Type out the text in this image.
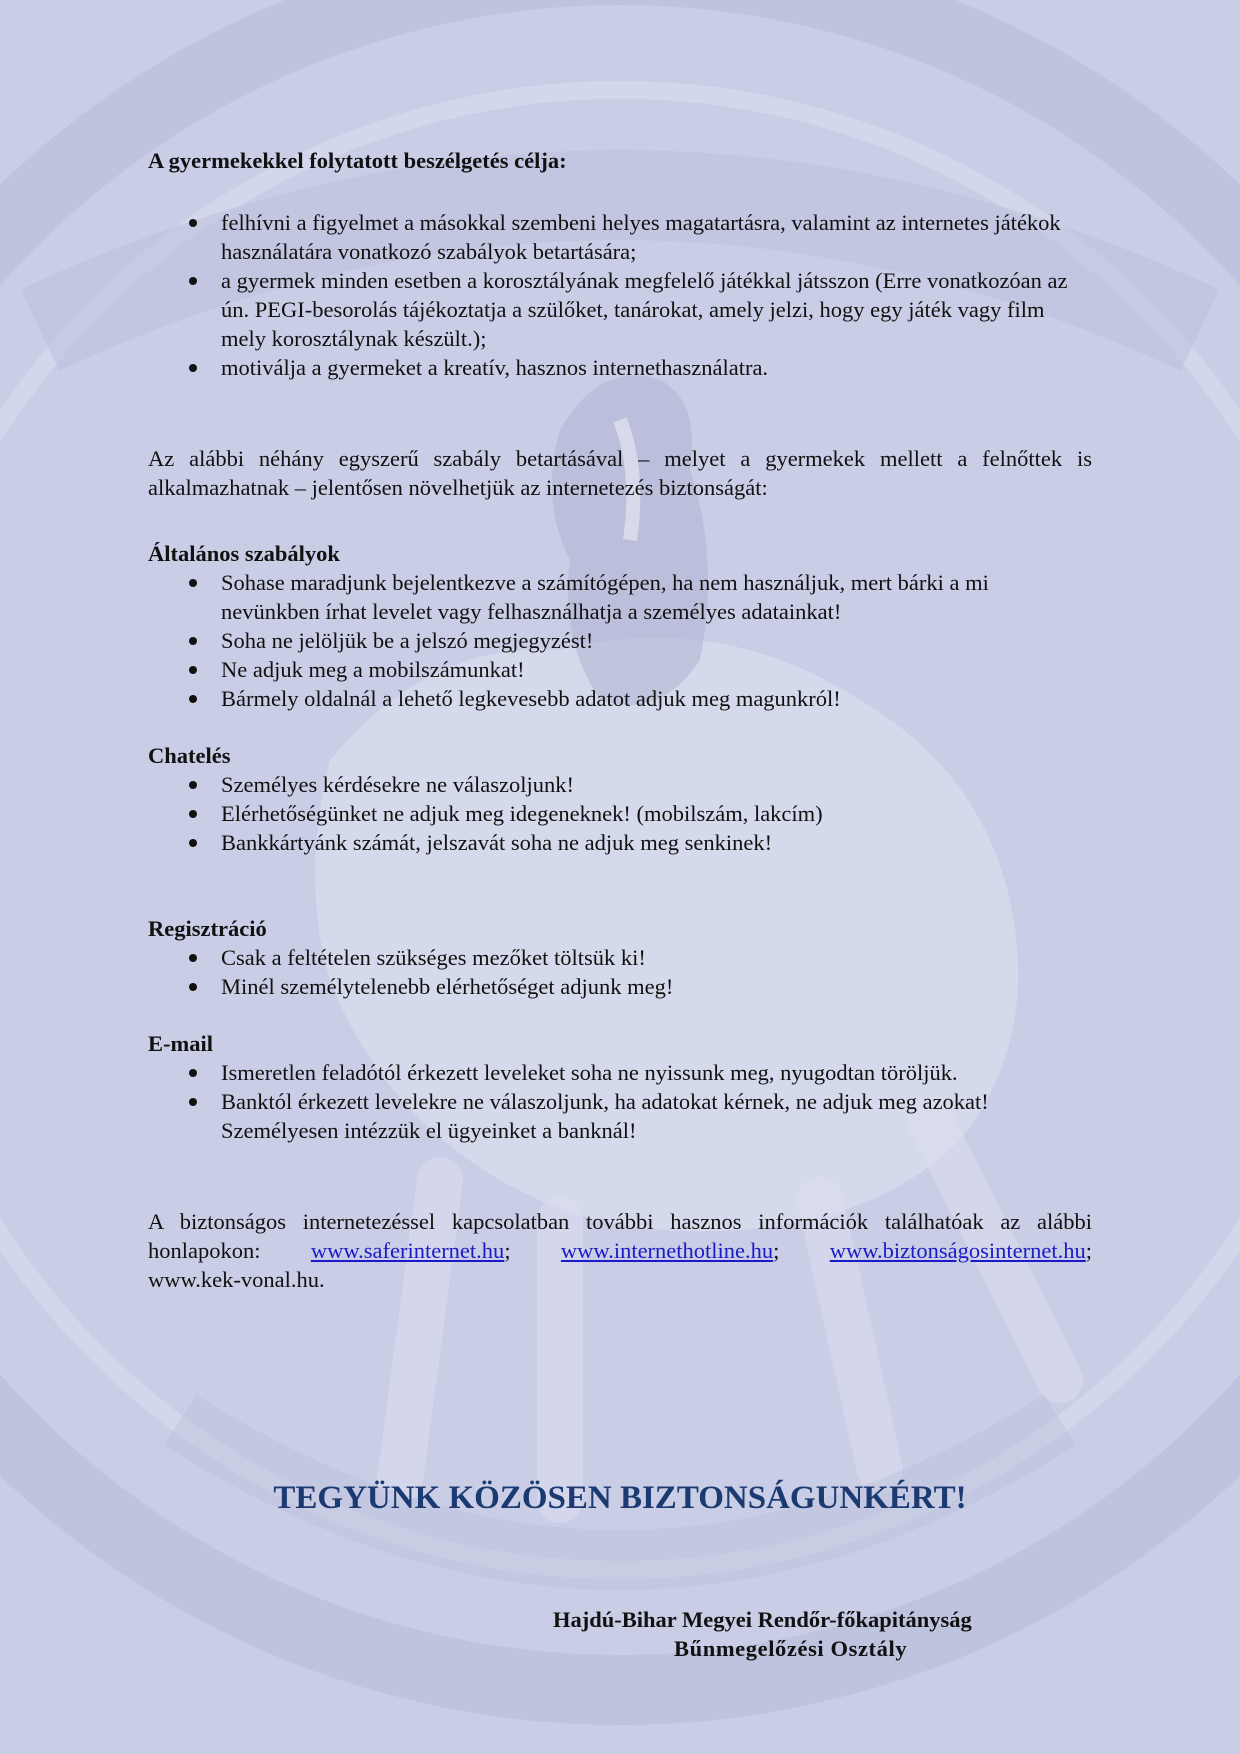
A gyermekekkel folytatott beszélgetés célja:

felhívni a figyelmet a másokkal szembeni helyes magatartásra, valamint az internetes játékok használatára vonatkozó szabályok betartására;
a gyermek minden esetben a korosztályának megfelelő játékkal játsszon (Erre vonatkozóan az ún. PEGI-besorolás tájékoztatja a szülőket, tanárokat, amely jelzi, hogy egy játék vagy film mely korosztálynak készült.);
motiválja a gyermeket a kreatív, hasznos internethasználatra.

Az alábbi néhány egyszerű szabály betartásával – melyet a gyermekek mellett a felnőttek is alkalmazhatnak – jelentősen növelhetjük az internetezés biztonságát:

Általános szabályok

Sohase maradjunk bejelentkezve a számítógépen, ha nem használjuk, mert bárki a mi nevünkben írhat levelet vagy felhasználhatja a személyes adatainkat!
Soha ne jelöljük be a jelszó megjegyzést!
Ne adjuk meg a mobilszámunkat!
Bármely oldalnál a lehető legkevesebb adatot adjuk meg magunkról!

Chatelés

Személyes kérdésekre ne válaszoljunk!
Elérhetőségünket ne adjuk meg idegeneknek! (mobilszám, lakcím)
Bankkártyánk számát, jelszavát soha ne adjuk meg senkinek!

Regisztráció

Csak a feltételen szükséges mezőket töltsük ki!
Minél személytelenebb elérhetőséget adjunk meg!

E-mail

Ismeretlen feladótól érkezett leveleket soha ne nyissunk meg, nyugodtan töröljük.
Banktól érkezett levelekre ne válaszoljunk, ha adatokat kérnek, ne adjuk meg azokat! Személyesen intézzük el ügyeinket a banknál!

A biztonságos internetezéssel kapcsolatban további hasznos információk találhatóak az alábbi

honlapokon: www.saferinternet.hu; www.internethotline.hu; www.biztonságosinternet.hu;

www.kek-vonal.hu.

TEGYÜNK KÖZÖSEN BIZTONSÁGUNKÉRT!
Hajdú-Bihar Megyei Rendőr-főkapitányság
Bűnmegelőzési Osztály
